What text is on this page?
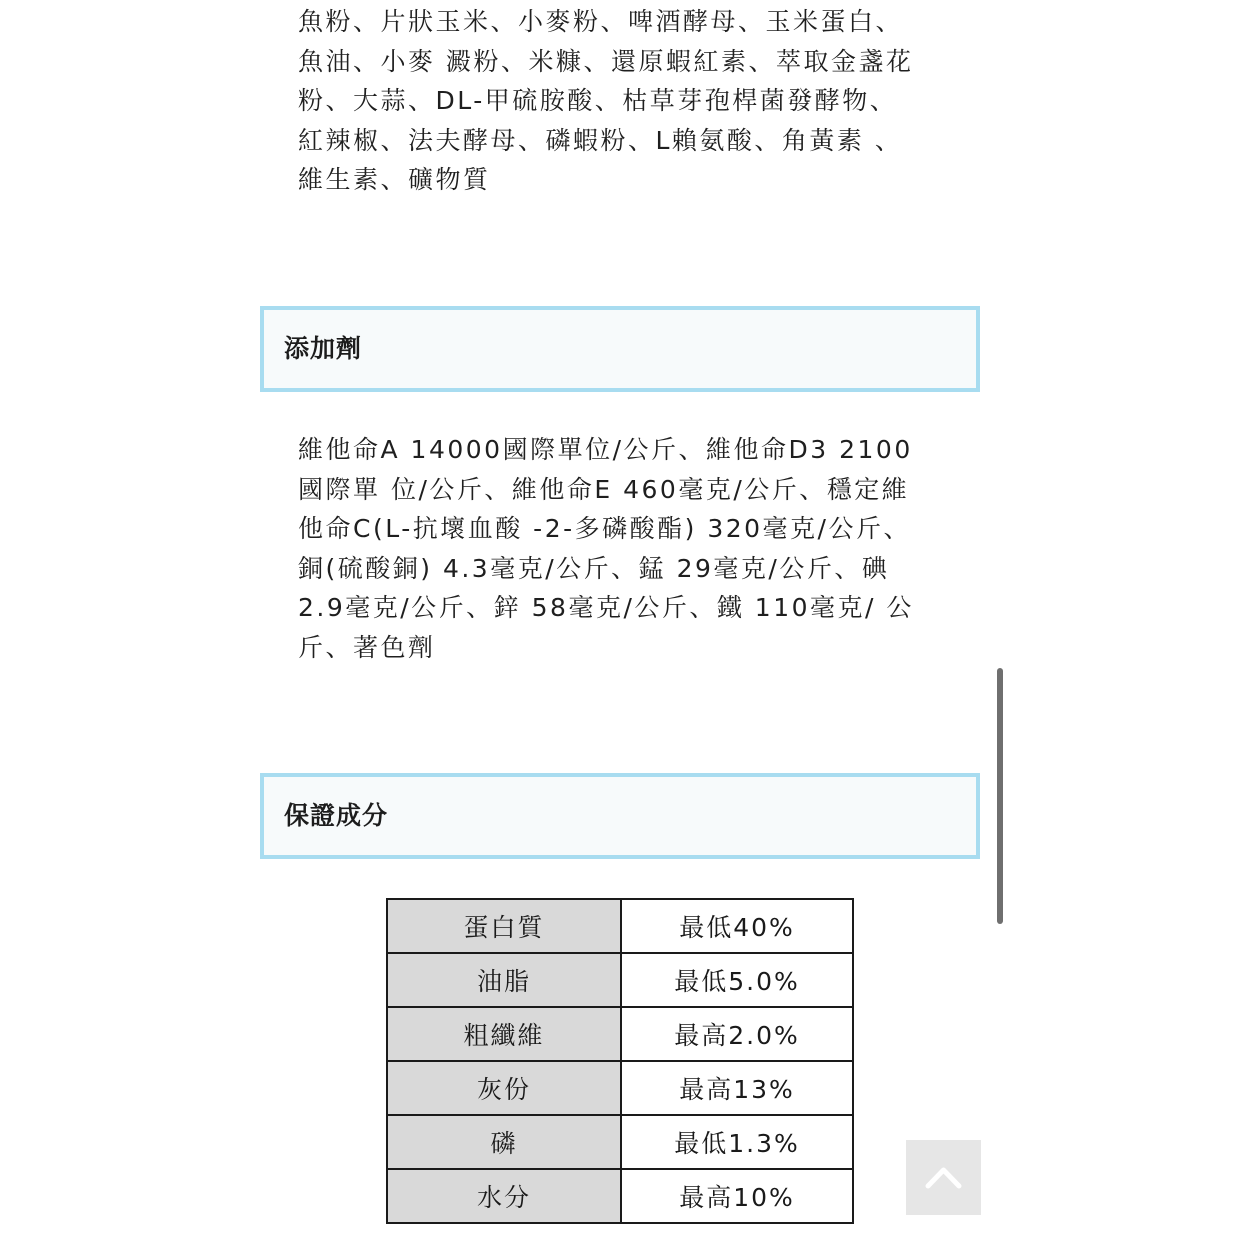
魚粉、片狀玉米、小麥粉、啤酒酵母、玉米蛋白、
魚油、小麥 澱粉、米糠、還原蝦紅素、萃取金盞花
粉、大蒜、DL-甲硫胺酸、枯草芽孢桿菌發酵物、
紅辣椒、法夫酵母、磷蝦粉、L賴氨酸、角黃素 、
維生素、礦物質
添加劑
維他命A 14000國際單位/公斤、維他命D3 2100
國際單 位/公斤、維他命E 460毫克/公斤、穩定維
他命C(L-抗壞血酸 -2-多磷酸酯) 320毫克/公斤、
銅(硫酸銅) 4.3毫克/公斤、錳 29毫克/公斤、碘
2.9毫克/公斤、鋅 58毫克/公斤、鐵 110毫克/ 公
斤、著色劑
保證成分
蛋白質	最低40%
油脂	最低5.0%
粗纖維	最高2.0%
灰份	最高13%
磷	最低1.3%
水分	最高10%
